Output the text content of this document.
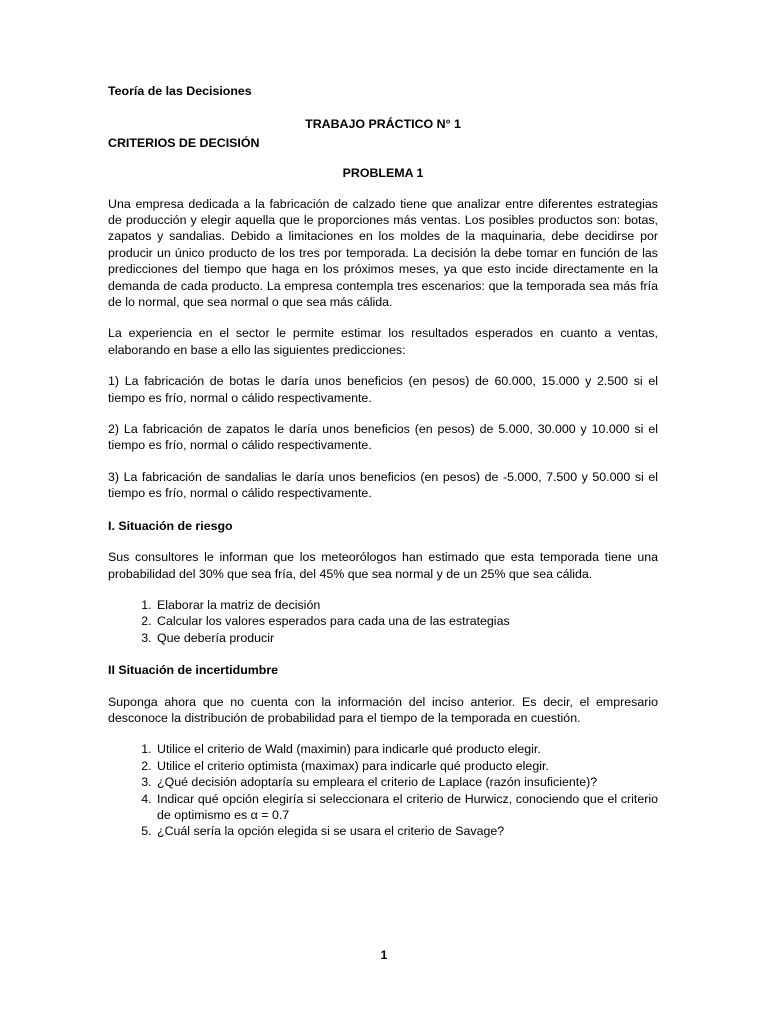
Teoría de las Decisiones
TRABAJO PRÁCTICO N° 1
CRITERIOS DE DECISIÓN
PROBLEMA 1

Una empresa dedicada a la fabricación de calzado tiene que analizar entre diferentes estrategias de producción y elegir aquella que le proporciones más ventas. Los posibles productos son: botas, zapatos y sandalias. Debido a limitaciones en los moldes de la maquinaria, debe decidirse por producir un único producto de los tres por temporada. La decisión la debe tomar en función de las predicciones del tiempo que haga en los próximos meses, ya que esto incide directamente en la demanda de cada producto. La empresa contempla tres escenarios: que la temporada sea más fría de lo normal, que sea normal o que sea más cálida.

La experiencia en el sector le permite estimar los resultados esperados en cuanto a ventas, elaborando en base a ello las siguientes predicciones:

1) La fabricación de botas le daría unos beneficios (en pesos) de 60.000, 15.000 y 2.500 si el tiempo es frío, normal o cálido respectivamente.

2) La fabricación de zapatos le daría unos beneficios (en pesos) de 5.000, 30.000 y 10.000 si el tiempo es frío, normal o cálido respectivamente.

3) La fabricación de sandalias le daría unos beneficios (en pesos) de -5.000, 7.500 y 50.000 si el tiempo es frío, normal o cálido respectivamente.

I. Situación de riesgo

Sus consultores le informan que los meteorólogos han estimado que esta temporada tiene una probabilidad del 30% que sea fría, del 45% que sea normal y de un 25% que sea cálida.

1. Elaborar la matriz de decisión
2. Calcular los valores esperados para cada una de las estrategias
3. Que debería producir
II Situación de incertidumbre

Suponga ahora que no cuenta con la información del inciso anterior. Es decir, el empresario desconoce la distribución de probabilidad para el tiempo de la temporada en cuestión.

1. Utilice el criterio de Wald (maximin) para indicarle qué producto elegir.
2. Utilice el criterio optimista (maximax) para indicarle qué producto elegir.
3. ¿Qué decisión adoptaría su empleara el criterio de Laplace (razón insuficiente)?
4. Indicar qué opción elegiría si seleccionara el criterio de Hurwicz, conociendo que el criterio de optimismo es α = 0.7
5. ¿Cuál sería la opción elegida si se usara el criterio de Savage?
1
